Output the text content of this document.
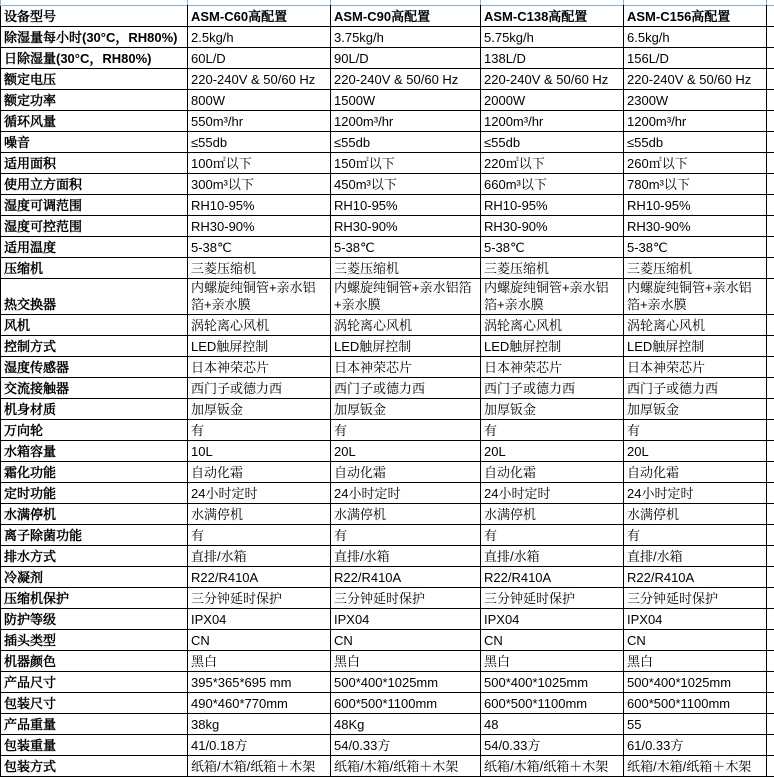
设备型号	ASM-C60高配置	ASM-C90高配置	ASM-C138高配置	ASM-C156高配置
除湿量每小时(30°C，RH80%)	2.5kg/h	3.75kg/h	5.75kg/h	6.5kg/h
日除湿量(30°C，RH80%)	60L/D	90L/D	138L/D	156L/D
额定电压	220-240V & 50/60 Hz	220-240V & 50/60 Hz	220-240V & 50/60 Hz	220-240V & 50/60 Hz
额定功率	800W	1500W	2000W	2300W
循环风量	550m³/hr	1200m³/hr	1200m³/hr	1200m³/hr
噪音	≤55db	≤55db	≤55db	≤55db
适用面积	100㎡以下	150㎡以下	220㎡以下	260㎡以下
使用立方面积	300m³以下	450m³以下	660m³以下	780m³以下
湿度可调范围	RH10-95%	RH10-95%	RH10-95%	RH10-95%
湿度可控范围	RH30-90%	RH30-90%	RH30-90%	RH30-90%
适用温度	5-38℃	5-38℃	5-38℃	5-38℃
压缩机	三菱压缩机	三菱压缩机	三菱压缩机	三菱压缩机
热交换器	内螺旋纯铜管+亲水铝箔+亲水膜	内螺旋纯铜管+亲水铝箔+亲水膜	内螺旋纯铜管+亲水铝箔+亲水膜	内螺旋纯铜管+亲水铝箔+亲水膜
风机	涡轮离心风机	涡轮离心风机	涡轮离心风机	涡轮离心风机
控制方式	LED触屏控制	LED触屏控制	LED触屏控制	LED触屏控制
湿度传感器	日本神荣芯片	日本神荣芯片	日本神荣芯片	日本神荣芯片
交流接触器	西门子或德力西	西门子或德力西	西门子或德力西	西门子或德力西
机身材质	加厚钣金	加厚钣金	加厚钣金	加厚钣金
万向轮	有	有	有	有
水箱容量	10L	20L	20L	20L
霜化功能	自动化霜	自动化霜	自动化霜	自动化霜
定时功能	24小时定时	24小时定时	24小时定时	24小时定时
水满停机	水满停机	水满停机	水满停机	水满停机
离子除菌功能	有	有	有	有
排水方式	直排/水箱	直排/水箱	直排/水箱	直排/水箱
冷凝剂	R22/R410A	R22/R410A	R22/R410A	R22/R410A
压缩机保护	三分钟延时保护	三分钟延时保护	三分钟延时保护	三分钟延时保护
防护等级	IPX04	IPX04	IPX04	IPX04
插头类型	CN	CN	CN	CN
机器颜色	黑白	黑白	黑白	黑白
产品尺寸	395*365*695 mm	500*400*1025mm	500*400*1025mm	500*400*1025mm
包装尺寸	490*460*770mm	600*500*1100mm	600*500*1100mm	600*500*1100mm
产品重量	38kg	48Kg	48	55
包装重量	41/0.18方	54/0.33方	54/0.33方	61/0.33方
包装方式	纸箱/木箱/纸箱＋木架	纸箱/木箱/纸箱＋木架	纸箱/木箱/纸箱＋木架	纸箱/木箱/纸箱＋木架
